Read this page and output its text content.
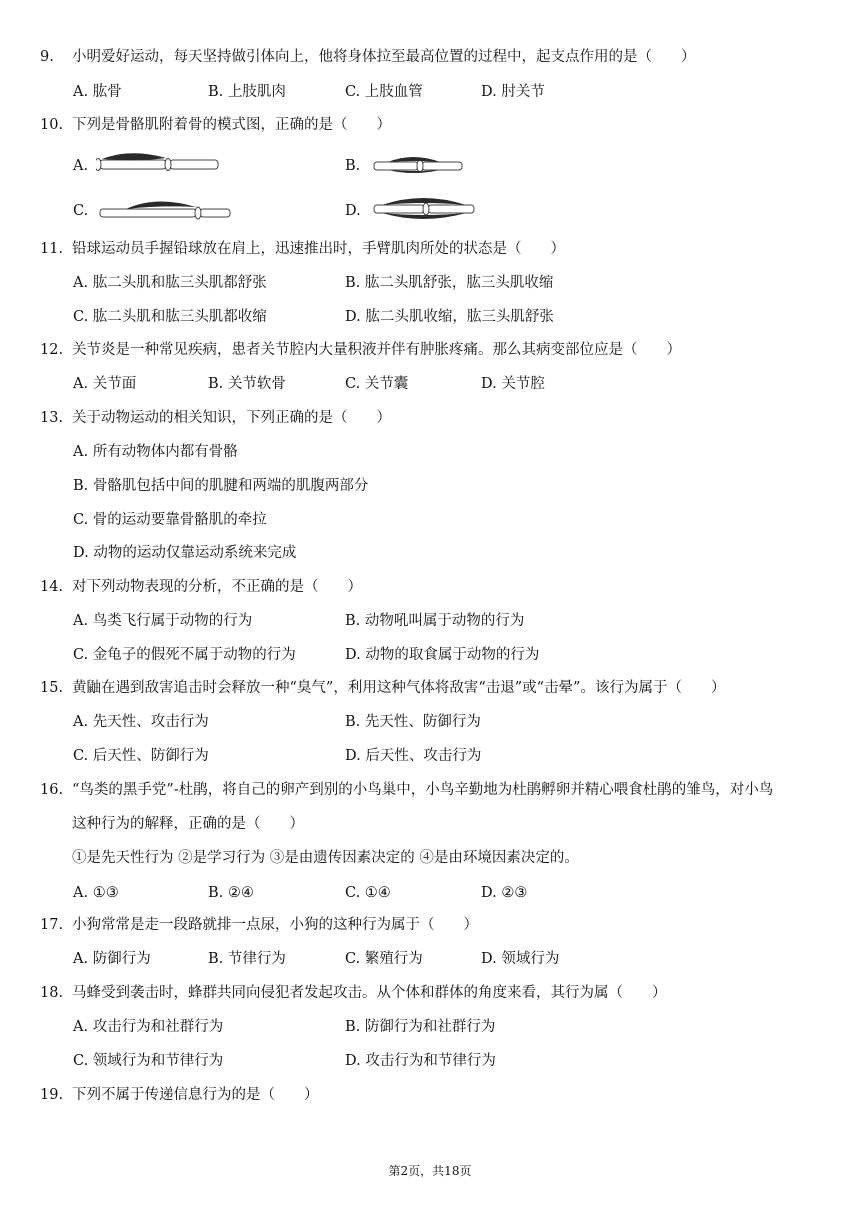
9. 小明爱好运动，每天坚持做引体向上，他将身体拉至最高位置的过程中，起支点作用的是（　　）
A. 肱骨	B. 上肢肌肉	C. 上肢血管	D. 肘关节
10. 下列是骨骼肌附着骨的模式图，正确的是（　　）
A.	B.
C.	D.
11. 铅球运动员手握铅球放在肩上，迅速推出时，手臂肌肉所处的状态是（　　）
A. 肱二头肌和肱三头肌都舒张	B. 肱二头肌舒张，肱三头肌收缩
C. 肱二头肌和肱三头肌都收缩	D. 肱二头肌收缩，肱三头肌舒张
12. 关节炎是一种常见疾病，患者关节腔内大量积液并伴有肿胀疼痛。那么其病变部位应是（　　）
A. 关节面	B. 关节软骨	C. 关节囊	D. 关节腔
13. 关于动物运动的相关知识，下列正确的是（　　）
A. 所有动物体内都有骨骼
B. 骨骼肌包括中间的肌腱和两端的肌腹两部分
C. 骨的运动要靠骨骼肌的牵拉
D. 动物的运动仅靠运动系统来完成
14. 对下列动物表现的分析，不正确的是（　　）
A. 鸟类飞行属于动物的行为	B. 动物吼叫属于动物的行为
C. 金龟子的假死不属于动物的行为	D. 动物的取食属于动物的行为
15. 黄鼬在遇到敌害追击时会释放一种“臭气”，利用这种气体将敌害“击退”或“击晕”。该行为属于（　　）
A. 先天性、攻击行为	B. 先天性、防御行为
C. 后天性、防御行为	D. 后天性、攻击行为
16. “鸟类的黑手党”-杜鹃，将自己的卵产到别的小鸟巢中，小鸟辛勤地为杜鹃孵卵并精心喂食杜鹃的雏鸟，对小鸟
这种行为的解释，正确的是（　　）
①是先天性行为 ②是学习行为 ③是由遗传因素决定的 ④是由环境因素决定的。
A. ①③	B. ②④	C. ①④	D. ②③
17. 小狗常常是走一段路就排一点尿，小狗的这种行为属于（　　）
A. 防御行为	B. 节律行为	C. 繁殖行为	D. 领域行为
18. 马蜂受到袭击时，蜂群共同向侵犯者发起攻击。从个体和群体的角度来看，其行为属（　　）
A. 攻击行为和社群行为	B. 防御行为和社群行为
C. 领域行为和节律行为	D. 攻击行为和节律行为
19. 下列不属于传递信息行为的是（　　）
第2页，共18页
